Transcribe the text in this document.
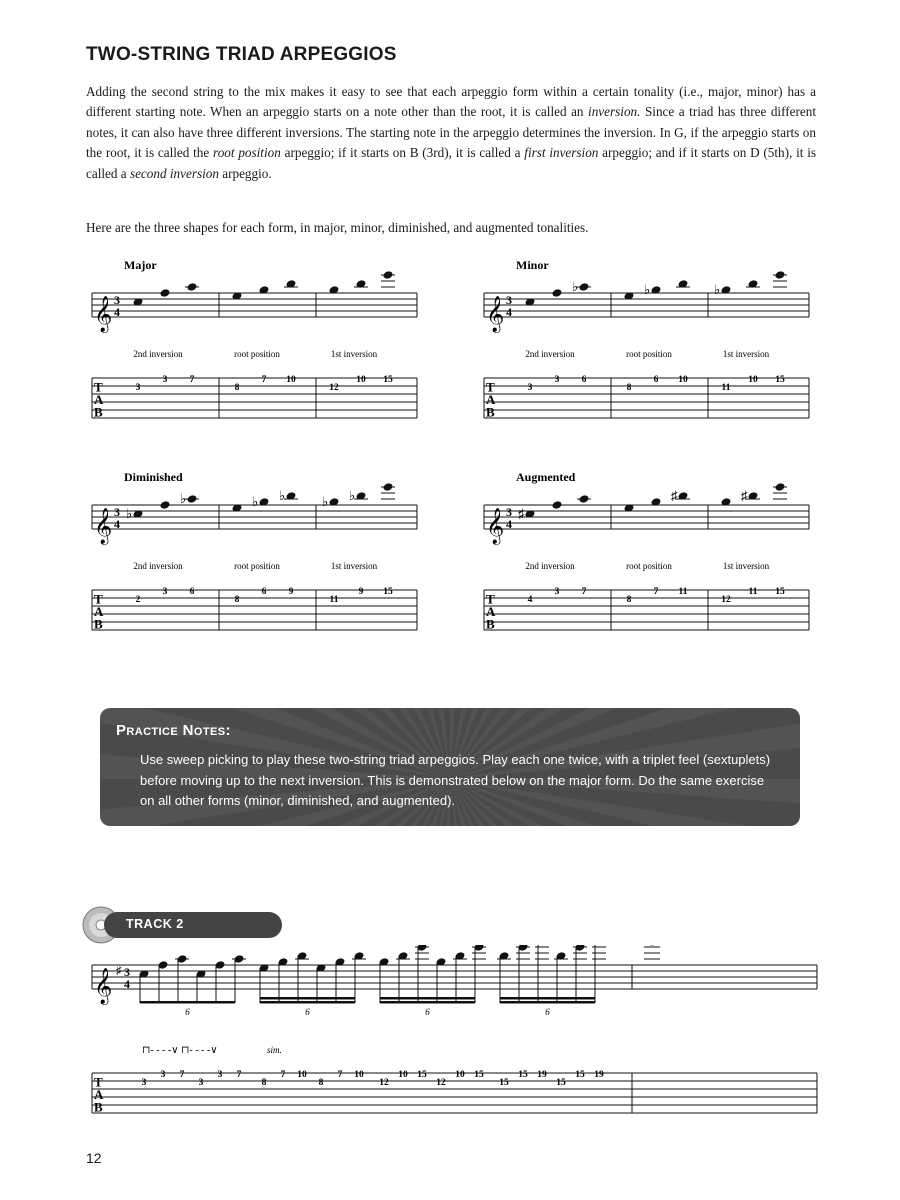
TWO-STRING TRIAD ARPEGGIOS

Adding the second string to the mix makes it easy to see that each arpeggio form within a certain tonality (i.e., major, minor) has a different starting note. When an arpeggio starts on a note other than the root, it is called an inversion. Since a triad has three different notes, it can also have three different inversions. The starting note in the arpeggio determines the inversion. In G, if the arpeggio starts on the root, it is called the root position arpeggio; if it starts on B (3rd), it is called a first inversion arpeggio; and if it starts on D (5th), it is called a second inversion arpeggio.

Here are the three shapes for each form, in major, minor, diminished, and augmented tonalities.

Major
𝄞 3
4
T
A
B
2nd inversion
3
3 7
root position
8
7 10
1st inversion
12
10 15
Minor
𝄞 3
4
T
A
B
♭
2nd inversion
3
3 6
♭
root position
8
6 10
♭
1st inversion
11
10 15
Diminished
𝄞 3
4
T
A
B
♭
♭
2nd inversion
2
3 6
♭ ♭
root position
8
6 9
♭ ♭
1st inversion
11
9 15
Augmented
𝄞 3
4
T
A
B
♯
2nd inversion
4
3 7
♯
root position
8
7 11
♯
1st inversion
12
11 15
Practice Notes:

Use sweep picking to play these two-string triad arpeggios. Play each one twice, with a triplet feel (sextuplets) before moving up to the next inversion. This is demonstrated below on the major form. Do the same exercise on all other forms (minor, diminished, and augmented).

TRACK 2
𝄞 ♯ 3
4
T
A
B
6
3
3 7
3
3 7
6
8
7 10
8
7 10
6
12
10 15
12
10 15
6
15
15 19
15
15 19
⊓- - - -∨ ⊓- - - -∨	sim.
12
